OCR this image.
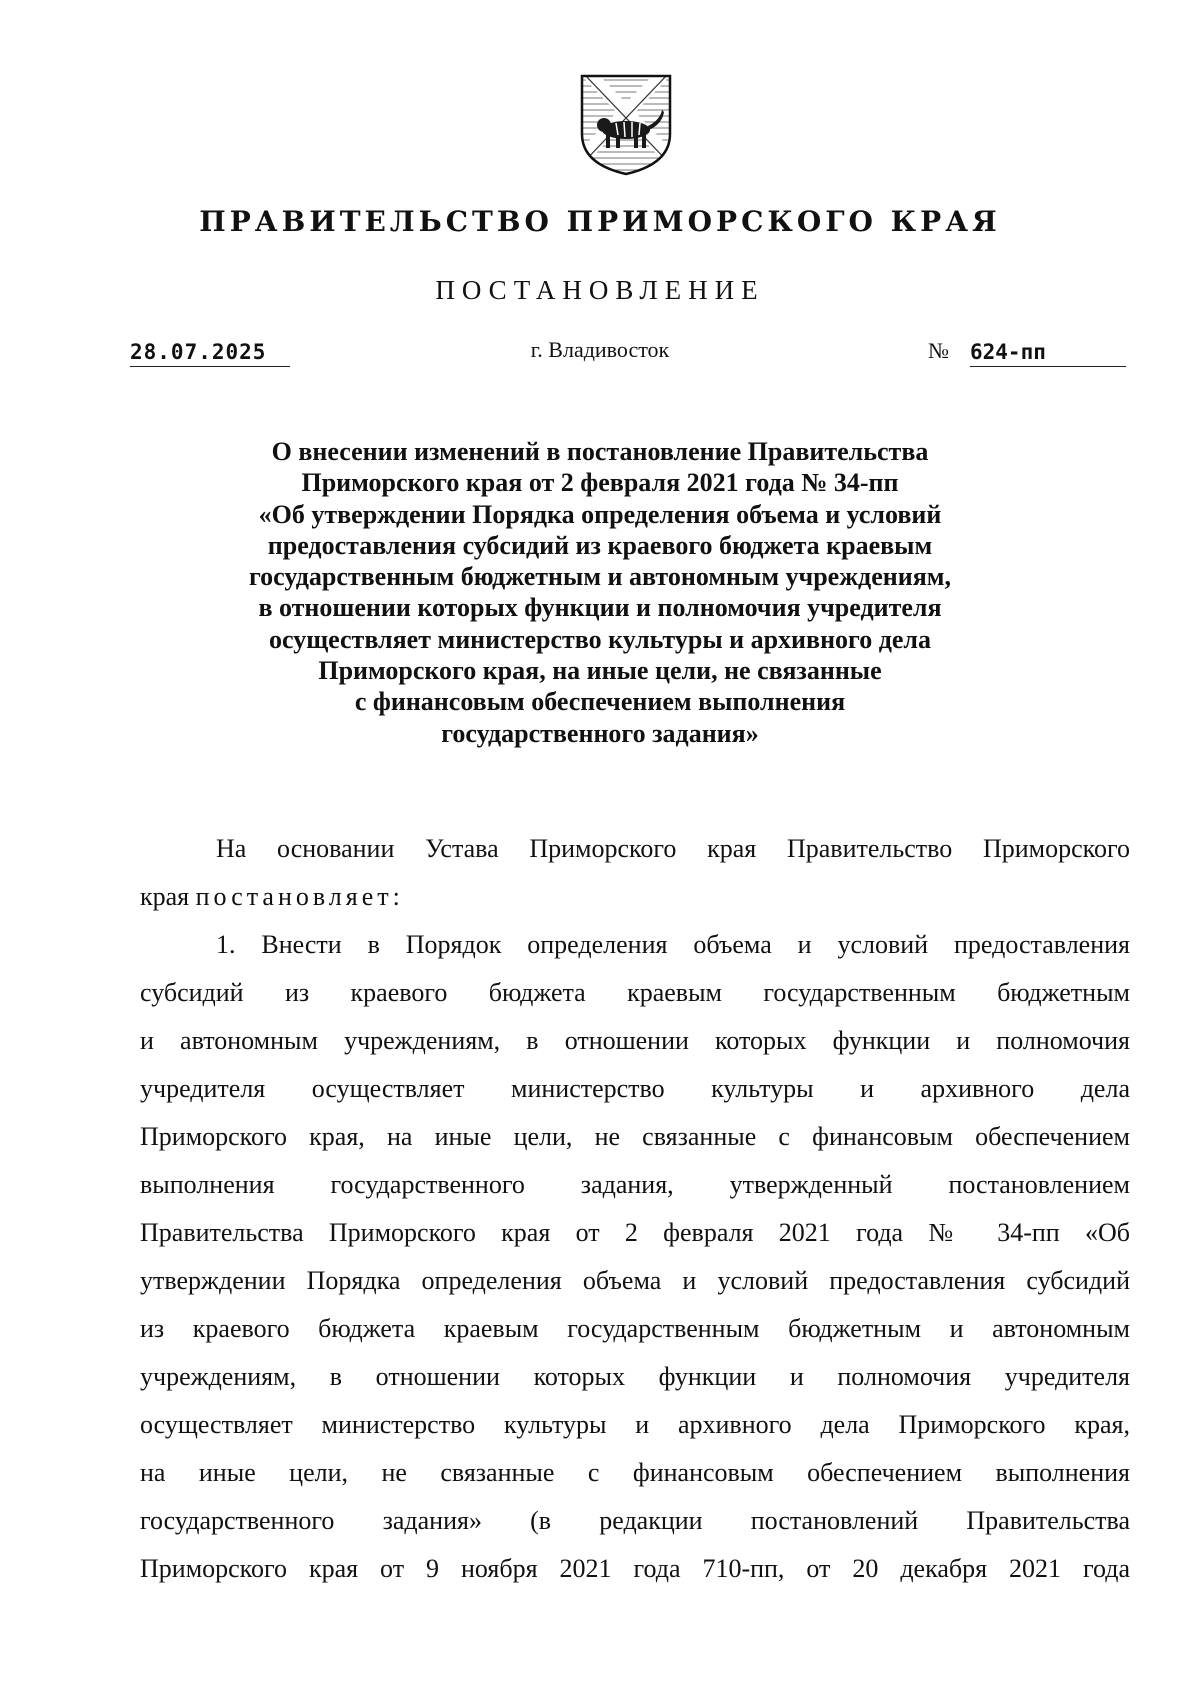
ПРАВИТЕЛЬСТВО ПРИМОРСКОГО КРАЯ
ПОСТАНОВЛЕНИЕ
28.07.2025	г. Владивосток	№ 624-пп
О внесении изменений в постановление Правительства
Приморского края от 2 февраля 2021 года № 34-пп
«Об утверждении Порядка определения объема и условий
предоставления субсидий из краевого бюджета краевым
государственным бюджетным и автономным учреждениям,
в отношении которых функции и полномочия учредителя
осуществляет министерство культуры и архивного дела
Приморского края, на иные цели, не связанные
с финансовым обеспечением выполнения
государственного задания»
На основании Устава Приморского края Правительство Приморского
края постановляет:
1. Внести в Порядок определения объема и условий предоставления
субсидий из краевого бюджета краевым государственным бюджетным
и автономным учреждениям, в отношении которых функции и полномочия
учредителя осуществляет министерство культуры и архивного дела
Приморского края, на иные цели, не связанные с финансовым обеспечением
выполнения государственного задания, утвержденный постановлением
Правительства Приморского края от 2 февраля 2021 года № 34-пп «Об
утверждении Порядка определения объема и условий предоставления субсидий
из краевого бюджета краевым государственным бюджетным и автономным
учреждениям, в отношении которых функции и полномочия учредителя
осуществляет министерство культуры и архивного дела Приморского края,
на иные цели, не связанные с финансовым обеспечением выполнения
государственного задания» (в редакции постановлений Правительства
Приморского края от 9 ноября 2021 года 710-пп, от 20 декабря 2021 года
